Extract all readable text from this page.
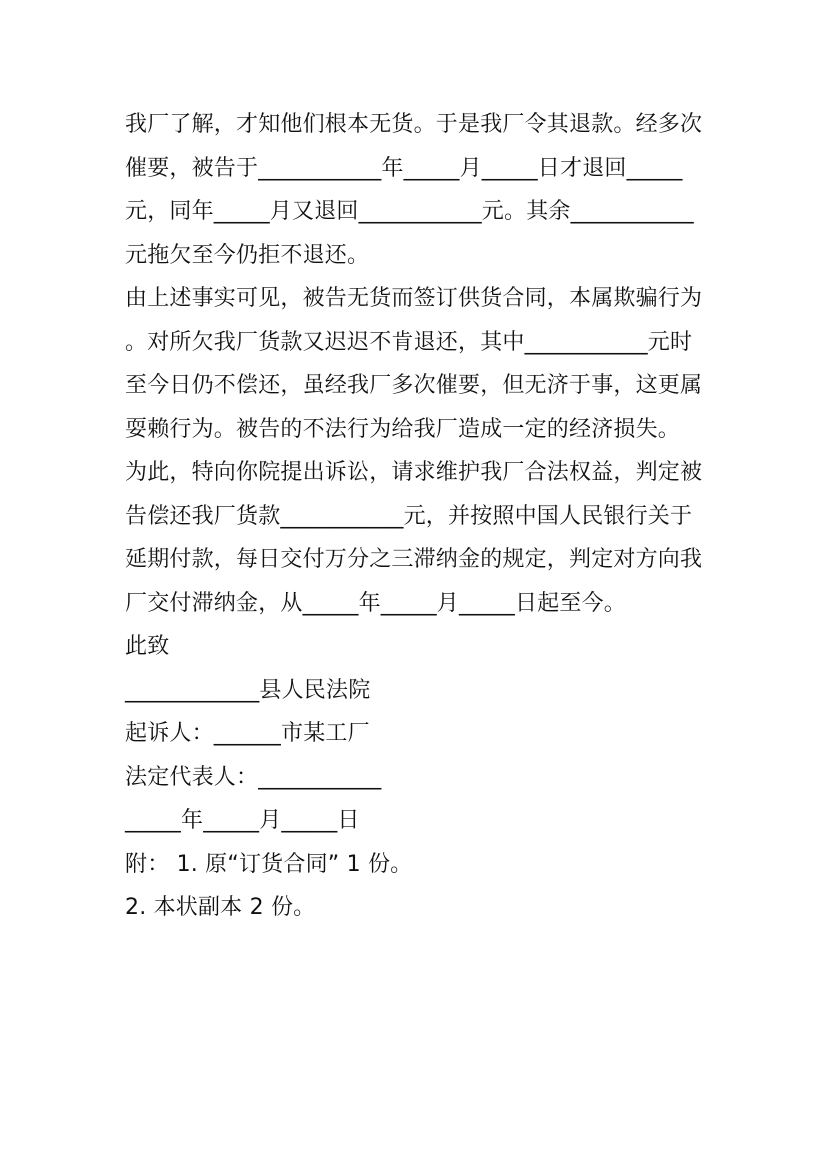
我厂了解，才知他们根本无货。于是我厂令其退款。经多次
催要，被告于___________年_____月_____日才退回_____
元，同年_____月又退回___________元。其余___________
元拖欠至今仍拒不退还。
由上述事实可见，被告无货而签订供货合同，本属欺骗行为
。对所欠我厂货款又迟迟不肯退还，其中___________元时
至今日仍不偿还，虽经我厂多次催要，但无济于事，这更属
耍赖行为。被告的不法行为给我厂造成一定的经济损失。
为此，特向你院提出诉讼，请求维护我厂合法权益，判定被
告偿还我厂货款___________元，并按照中国人民银行关于
延期付款，每日交付万分之三滞纳金的规定，判定对方向我
厂交付滞纳金，从_____年_____月_____日起至今。
此致
____________县人民法院
起诉人：______市某工厂
法定代表人：___________
_____年_____月_____日
附： 1. 原“订货合同” 1 份。
2. 本状副本 2 份。
